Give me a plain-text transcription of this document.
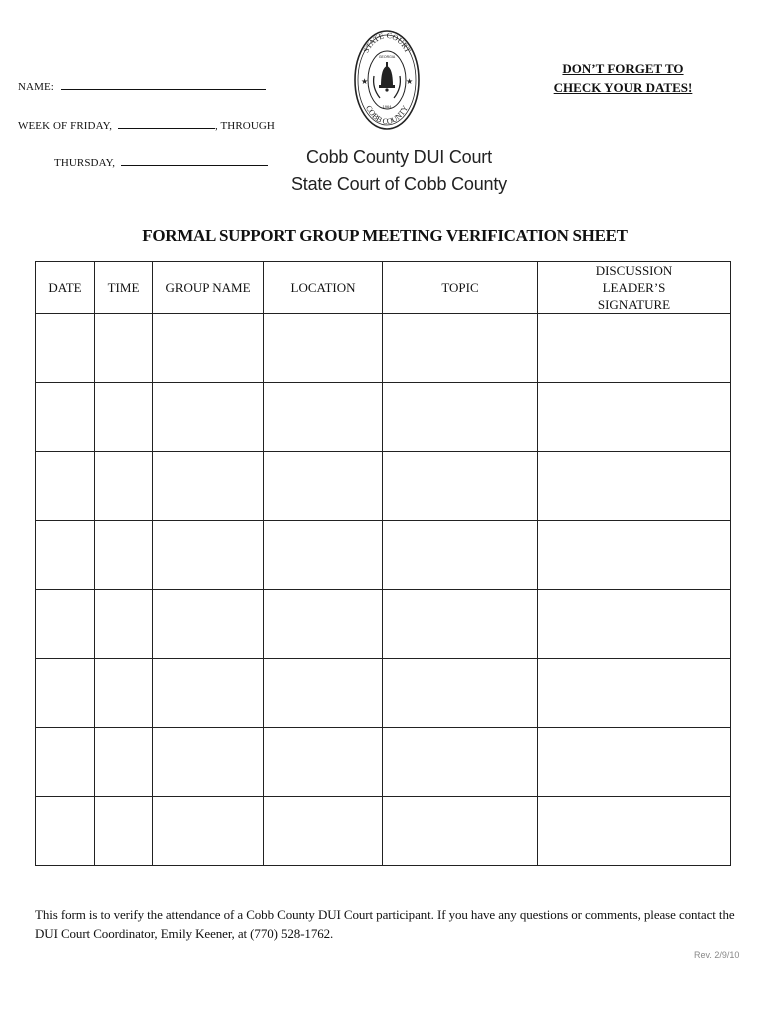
NAME:
WEEK OF FRIDAY,	, THROUGH
THURSDAY,
STATE COURT
COBB COUNTY
GEORGIA
★	★
1964
Cobb County DUI Court
State Court of Cobb County
DON’T FORGET TO
CHECK YOUR DATES!
FORMAL SUPPORT GROUP MEETING VERIFICATION SHEET
DATE	TIME	GROUP NAME	LOCATION	TOPIC	DISCUSSION LEADER’S SIGNATURE

This form is to verify the attendance of a Cobb County DUI Court participant. If you have any questions or comments, please contact the DUI Court Coordinator, Emily Keener, at (770) 528-1762.
Rev. 2/9/10
